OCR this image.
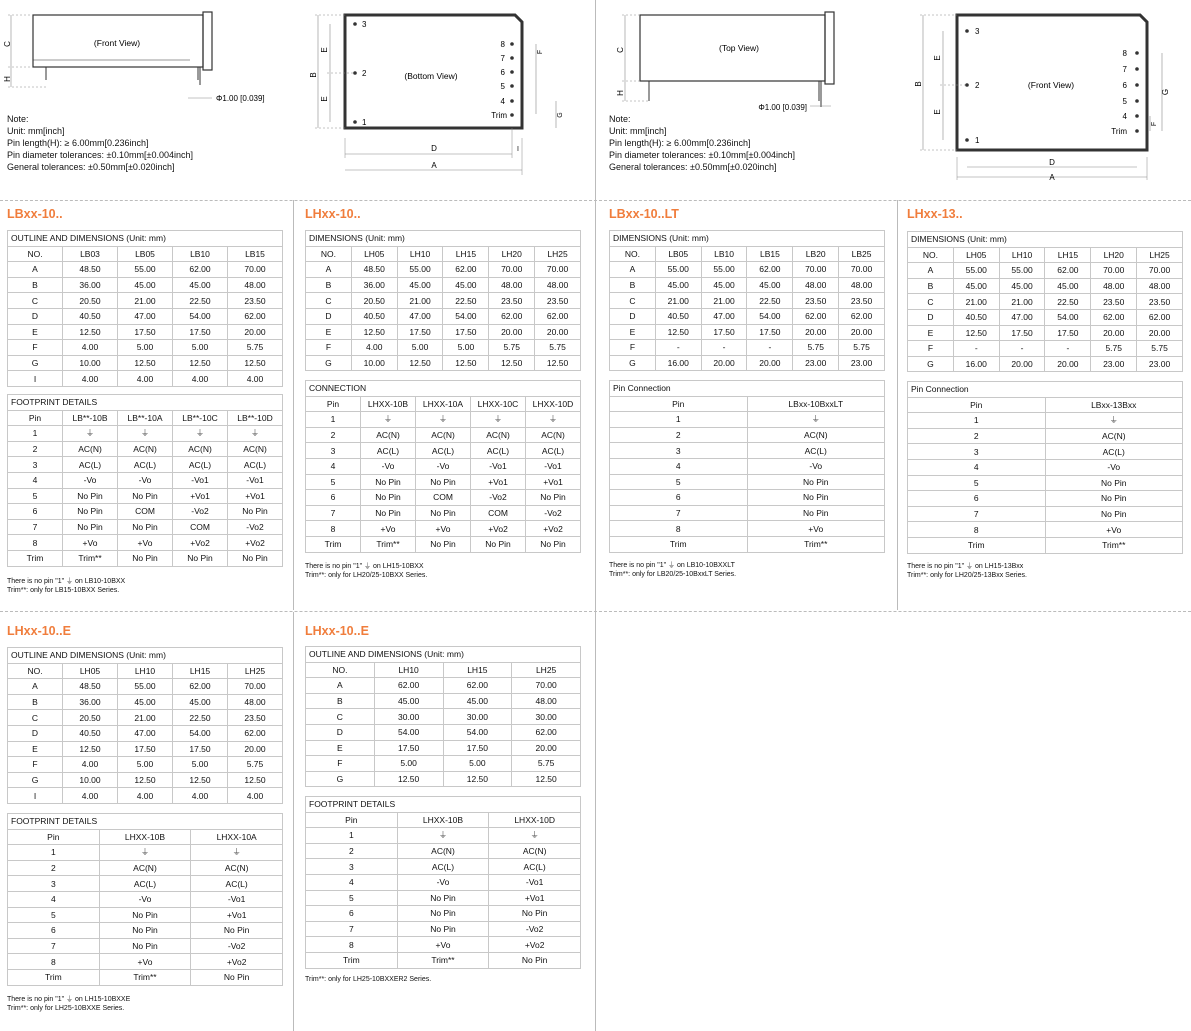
(Front View)
C
H
Φ1.00 [0.039]
3
2
1
8
7
6
5
4
Trim
(Bottom View)
B
E
E
F
G
D
A
I
(Top View)
C
H
Φ1.00 [0.039]
3
2
1
8
7
6
5
4
Trim
(Front View)
B
E
E
G
F
D
A
Note:
Unit: mm[inch]
Pin length(H): ≥ 6.00mm[0.236inch]
Pin diameter tolerances: ±0.10mm[±0.004inch]
General tolerances: ±0.50mm[±0.020inch]
Note:
Unit: mm[inch]
Pin length(H): ≥ 6.00mm[0.236inch]
Pin diameter tolerances: ±0.10mm[±0.004inch]
General tolerances: ±0.50mm[±0.020inch]
LBxx-10..
OUTLINE AND DIMENSIONS (Unit: mm)				
NO.	LB03	LB05	LB10	LB15
A	48.50	55.00	62.00	70.00
B	36.00	45.00	45.00	48.00
C	20.50	21.00	22.50	23.50
D	40.50	47.00	54.00	62.00
E	12.50	17.50	17.50	20.00
F	4.00	5.00	5.00	5.75
G	10.00	12.50	12.50	12.50
I	4.00	4.00	4.00	4.00
FOOTPRINT DETAILS				
Pin	LB**-10B	LB**-10A	LB**-10C	LB**-10D
1	⏚	⏚	⏚	⏚
2	AC(N)	AC(N)	AC(N)	AC(N)
3	AC(L)	AC(L)	AC(L)	AC(L)
4	-Vo	-Vo	-Vo1	-Vo1
5	No Pin	No Pin	+Vo1	+Vo1
6	No Pin	COM	-Vo2	No Pin
7	No Pin	No Pin	COM	-Vo2
8	+Vo	+Vo	+Vo2	+Vo2
Trim	Trim**	No Pin	No Pin	No Pin
There is no pin "1" ⏚ on LB10-10BXX
Trim**: only for LB15-10BXX Series.
LHxx-10..
DIMENSIONS (Unit: mm)					
NO.	LH05	LH10	LH15	LH20	LH25
A	48.50	55.00	62.00	70.00	70.00
B	36.00	45.00	45.00	48.00	48.00
C	20.50	21.00	22.50	23.50	23.50
D	40.50	47.00	54.00	62.00	62.00
E	12.50	17.50	17.50	20.00	20.00
F	4.00	5.00	5.00	5.75	5.75
G	10.00	12.50	12.50	12.50	12.50
CONNECTION				
Pin	LHXX-10B	LHXX-10A	LHXX-10C	LHXX-10D
1	⏚	⏚	⏚	⏚
2	AC(N)	AC(N)	AC(N)	AC(N)
3	AC(L)	AC(L)	AC(L)	AC(L)
4	-Vo	-Vo	-Vo1	-Vo1
5	No Pin	No Pin	+Vo1	+Vo1
6	No Pin	COM	-Vo2	No Pin
7	No Pin	No Pin	COM	-Vo2
8	+Vo	+Vo	+Vo2	+Vo2
Trim	Trim**	No Pin	No Pin	No Pin
There is no pin "1" ⏚ on LH15-10BXX
Trim**: only for LH20/25-10BXX Series.
LBxx-10..LT
DIMENSIONS (Unit: mm)					
NO.	LB05	LB10	LB15	LB20	LB25
A	55.00	55.00	62.00	70.00	70.00
B	45.00	45.00	45.00	48.00	48.00
C	21.00	21.00	22.50	23.50	23.50
D	40.50	47.00	54.00	62.00	62.00
E	12.50	17.50	17.50	20.00	20.00
F	-	-	-	5.75	5.75
G	16.00	20.00	20.00	23.00	23.00
Pin Connection	
Pin	LBxx-10BxxLT
1	⏚
2	AC(N)
3	AC(L)
4	-Vo
5	No Pin
6	No Pin
7	No Pin
8	+Vo
Trim	Trim**
There is no pin "1" ⏚ on LB10-10BXXLT
Trim**: only for LB20/25-10BxxLT Series.
LHxx-13..
DIMENSIONS (Unit: mm)					
NO.	LH05	LH10	LH15	LH20	LH25
A	55.00	55.00	62.00	70.00	70.00
B	45.00	45.00	45.00	48.00	48.00
C	21.00	21.00	22.50	23.50	23.50
D	40.50	47.00	54.00	62.00	62.00
E	12.50	17.50	17.50	20.00	20.00
F	-	-	-	5.75	5.75
G	16.00	20.00	20.00	23.00	23.00
Pin Connection	
Pin	LBxx-13Bxx
1	⏚
2	AC(N)
3	AC(L)
4	-Vo
5	No Pin
6	No Pin
7	No Pin
8	+Vo
Trim	Trim**
There is no pin "1" ⏚ on LH15-13Bxx
Trim**: only for LH20/25-13Bxx Series.
LHxx-10..E
OUTLINE AND DIMENSIONS (Unit: mm)				
NO.	LH05	LH10	LH15	LH25
A	48.50	55.00	62.00	70.00
B	36.00	45.00	45.00	48.00
C	20.50	21.00	22.50	23.50
D	40.50	47.00	54.00	62.00
E	12.50	17.50	17.50	20.00
F	4.00	5.00	5.00	5.75
G	10.00	12.50	12.50	12.50
I	4.00	4.00	4.00	4.00
FOOTPRINT DETAILS		
Pin	LHXX-10B	LHXX-10A
1	⏚	⏚
2	AC(N)	AC(N)
3	AC(L)	AC(L)
4	-Vo	-Vo1
5	No Pin	+Vo1
6	No Pin	No Pin
7	No Pin	-Vo2
8	+Vo	+Vo2
Trim	Trim**	No Pin
There is no pin "1" ⏚ on LH15-10BXXE
Trim**: only for LH25-10BXXE Series.
LHxx-10..E
OUTLINE AND DIMENSIONS (Unit: mm)			
NO.	LH10	LH15	LH25
A	62.00	62.00	70.00
B	45.00	45.00	48.00
C	30.00	30.00	30.00
D	54.00	54.00	62.00
E	17.50	17.50	20.00
F	5.00	5.00	5.75
G	12.50	12.50	12.50
FOOTPRINT DETAILS		
Pin	LHXX-10B	LHXX-10D
1	⏚	⏚
2	AC(N)	AC(N)
3	AC(L)	AC(L)
4	-Vo	-Vo1
5	No Pin	+Vo1
6	No Pin	No Pin
7	No Pin	-Vo2
8	+Vo	+Vo2
Trim	Trim**	No Pin
Trim**: only for LH25-10BXXER2 Series.
